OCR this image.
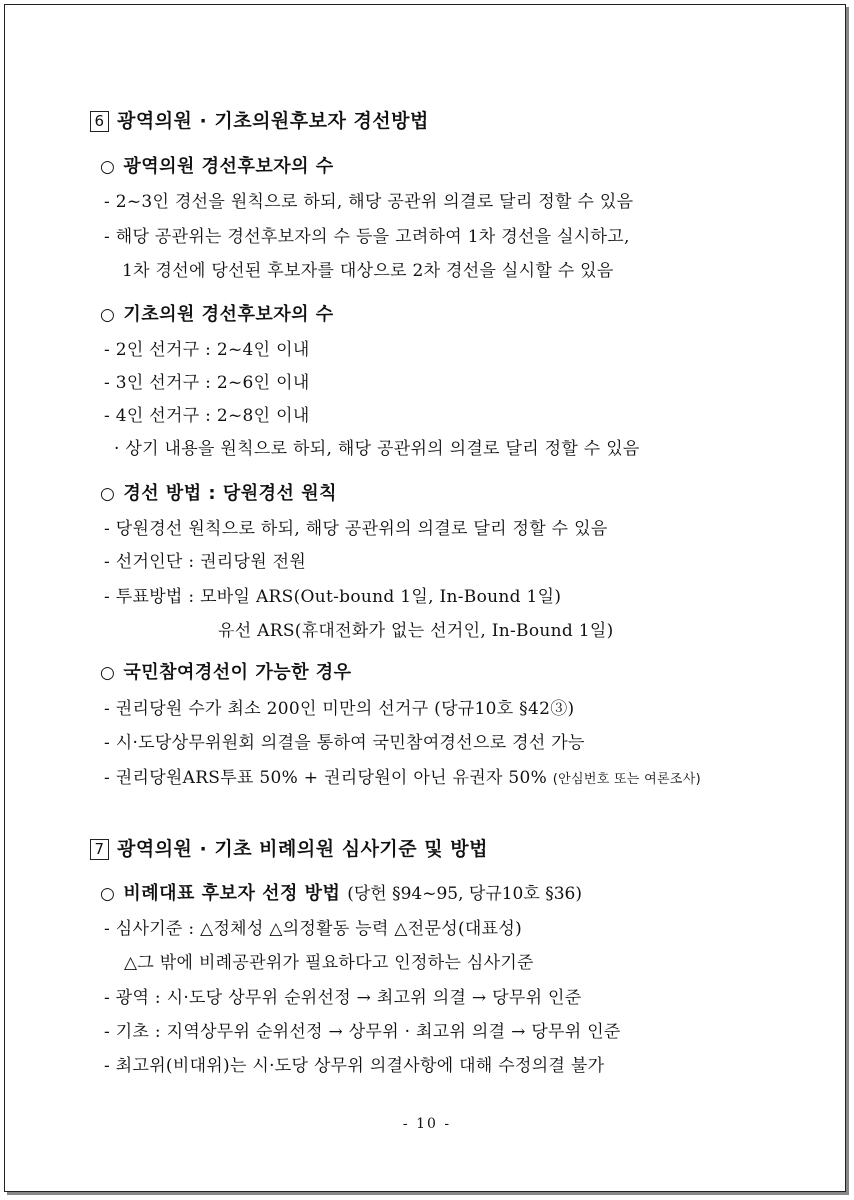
6 광역의원 · 기초의원후보자 경선방법
○ 광역의원 경선후보자의 수
- 2~3인 경선을 원칙으로 하되, 해당 공관위 의결로 달리 정할 수 있음
- 해당 공관위는 경선후보자의 수 등을 고려하여 1차 경선을 실시하고,
1차 경선에 당선된 후보자를 대상으로 2차 경선을 실시할 수 있음
○ 기초의원 경선후보자의 수
- 2인 선거구 : 2~4인 이내
- 3인 선거구 : 2~6인 이내
- 4인 선거구 : 2~8인 이내
· 상기 내용을 원칙으로 하되, 해당 공관위의 의결로 달리 정할 수 있음
○ 경선 방법 : 당원경선 원칙
- 당원경선 원칙으로 하되, 해당 공관위의 의결로 달리 정할 수 있음
- 선거인단 : 권리당원 전원
- 투표방법 : 모바일 ARS(Out-bound 1일, In-Bound 1일)
유선 ARS(휴대전화가 없는 선거인, In-Bound 1일)
○ 국민참여경선이 가능한 경우
- 권리당원 수가 최소 200인 미만의 선거구 (당규10호 §42③)
- 시·도당상무위원회 의결을 통하여 국민참여경선으로 경선 가능
- 권리당원ARS투표 50% + 권리당원이 아닌 유권자 50% (안심번호 또는 여론조사)
7 광역의원 · 기초 비례의원 심사기준 및 방법
○ 비례대표 후보자 선정 방법 (당헌 §94~95, 당규10호 §36)
- 심사기준 : △정체성 △의정활동 능력 △전문성(대표성)
△그 밖에 비례공관위가 필요하다고 인정하는 심사기준
- 광역 : 시·도당 상무위 순위선정 → 최고위 의결 → 당무위 인준
- 기초 : 지역상무위 순위선정 → 상무위 · 최고위 의결 → 당무위 인준
- 최고위(비대위)는 시·도당 상무위 의결사항에 대해 수정의결 불가
- 10 -
